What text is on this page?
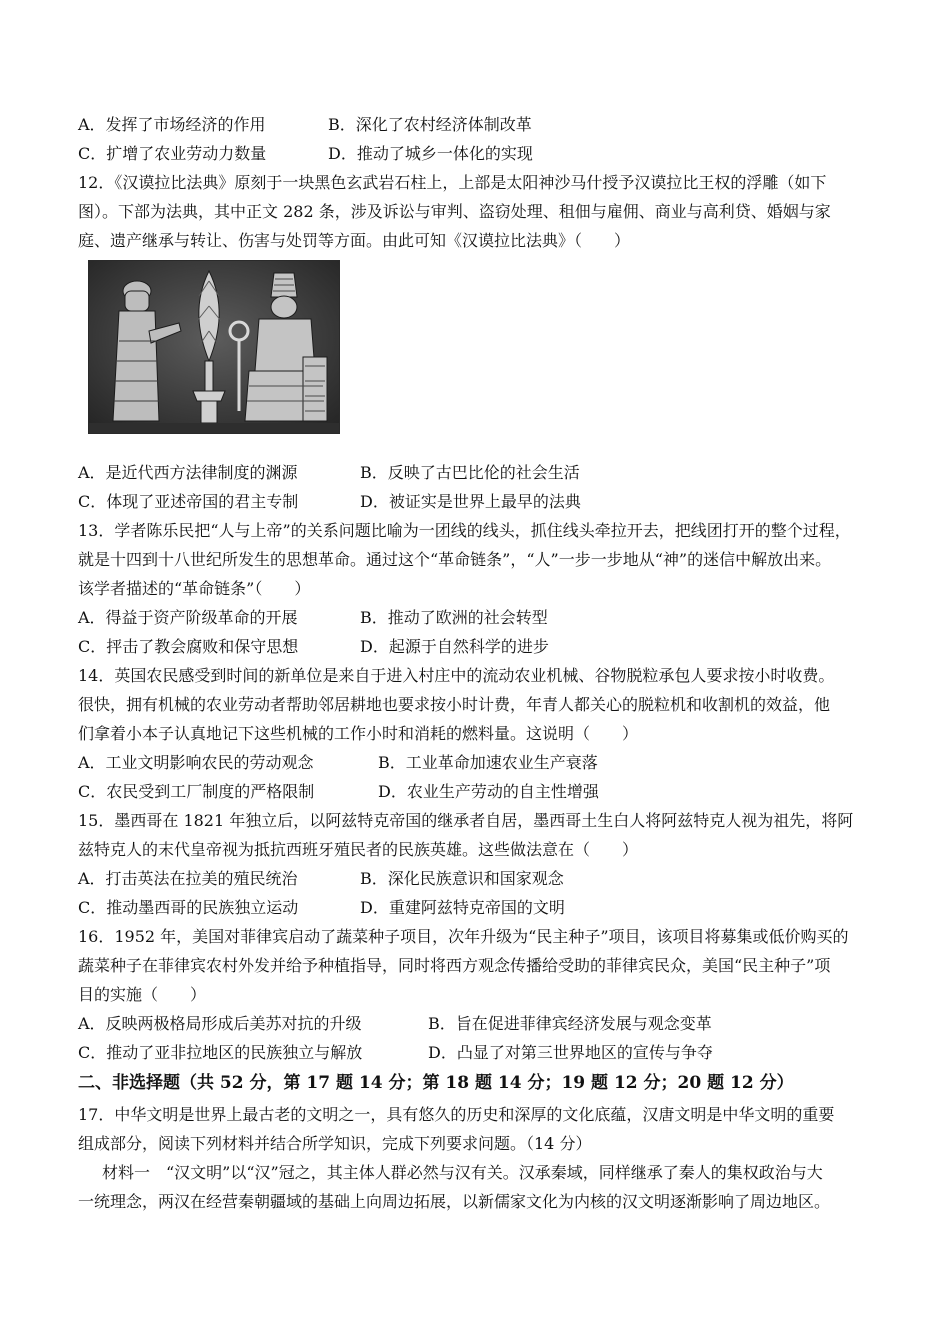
A．发挥了市场经济的作用	B．深化了农村经济体制改革
C．扩增了农业劳动力数量	D．推动了城乡一体化的实现
12．《汉谟拉比法典》原刻于一块黑色玄武岩石柱上，上部是太阳神沙马什授予汉谟拉比王权的浮雕（如下
图）。下部为法典，其中正文 282 条，涉及诉讼与审判、盗窃处理、租佃与雇佣、商业与高利贷、婚姻与家
庭、遗产继承与转让、伤害与处罚等方面。由此可知《汉谟拉比法典》（　　）
A．是近代西方法律制度的渊源	B．反映了古巴比伦的社会生活
C．体现了亚述帝国的君主专制	D．被证实是世界上最早的法典
13．学者陈乐民把“人与上帝”的关系问题比喻为一团线的线头，抓住线头牵拉开去，把线团打开的整个过程，
就是十四到十八世纪所发生的思想革命。通过这个“革命链条”，“人”一步一步地从“神”的迷信中解放出来。
该学者描述的“革命链条”（　　）
A．得益于资产阶级革命的开展	B．推动了欧洲的社会转型
C．抨击了教会腐败和保守思想	D．起源于自然科学的进步
14．英国农民感受到时间的新单位是来自于进入村庄中的流动农业机械、谷物脱粒承包人要求按小时收费。
很快，拥有机械的农业劳动者帮助邻居耕地也要求按小时计费，年青人都关心的脱粒机和收割机的效益，他
们拿着小本子认真地记下这些机械的工作小时和消耗的燃料量。这说明（　　）
A．工业文明影响农民的劳动观念	B．工业革命加速农业生产衰落
C．农民受到工厂制度的严格限制	D．农业生产劳动的自主性增强
15．墨西哥在 1821 年独立后，以阿兹特克帝国的继承者自居，墨西哥土生白人将阿兹特克人视为祖先，将阿
兹特克人的末代皇帝视为抵抗西班牙殖民者的民族英雄。这些做法意在（　　）
A．打击英法在拉美的殖民统治	B．深化民族意识和国家观念
C．推动墨西哥的民族独立运动	D．重建阿兹特克帝国的文明
16．1952 年，美国对菲律宾启动了蔬菜种子项目，次年升级为“民主种子”项目，该项目将募集或低价购买的
蔬菜种子在菲律宾农村外发并给予种植指导，同时将西方观念传播给受助的菲律宾民众，美国“民主种子”项
目的实施（　　）
A．反映两极格局形成后美苏对抗的升级	B．旨在促进菲律宾经济发展与观念变革
C．推动了亚非拉地区的民族独立与解放	D．凸显了对第三世界地区的宣传与争夺
二、非选择题（共 52 分，第 17 题 14 分；第 18 题 14 分；19 题 12 分；20 题 12 分）
17．中华文明是世界上最古老的文明之一，具有悠久的历史和深厚的文化底蕴，汉唐文明是中华文明的重要
组成部分，阅读下列材料并结合所学知识，完成下列要求问题。（14 分）
材料一　“汉文明”以“汉”冠之，其主体人群必然与汉有关。汉承秦域，同样继承了秦人的集权政治与大
一统理念，两汉在经营秦朝疆域的基础上向周边拓展，以新儒家文化为内核的汉文明逐渐影响了周边地区。
